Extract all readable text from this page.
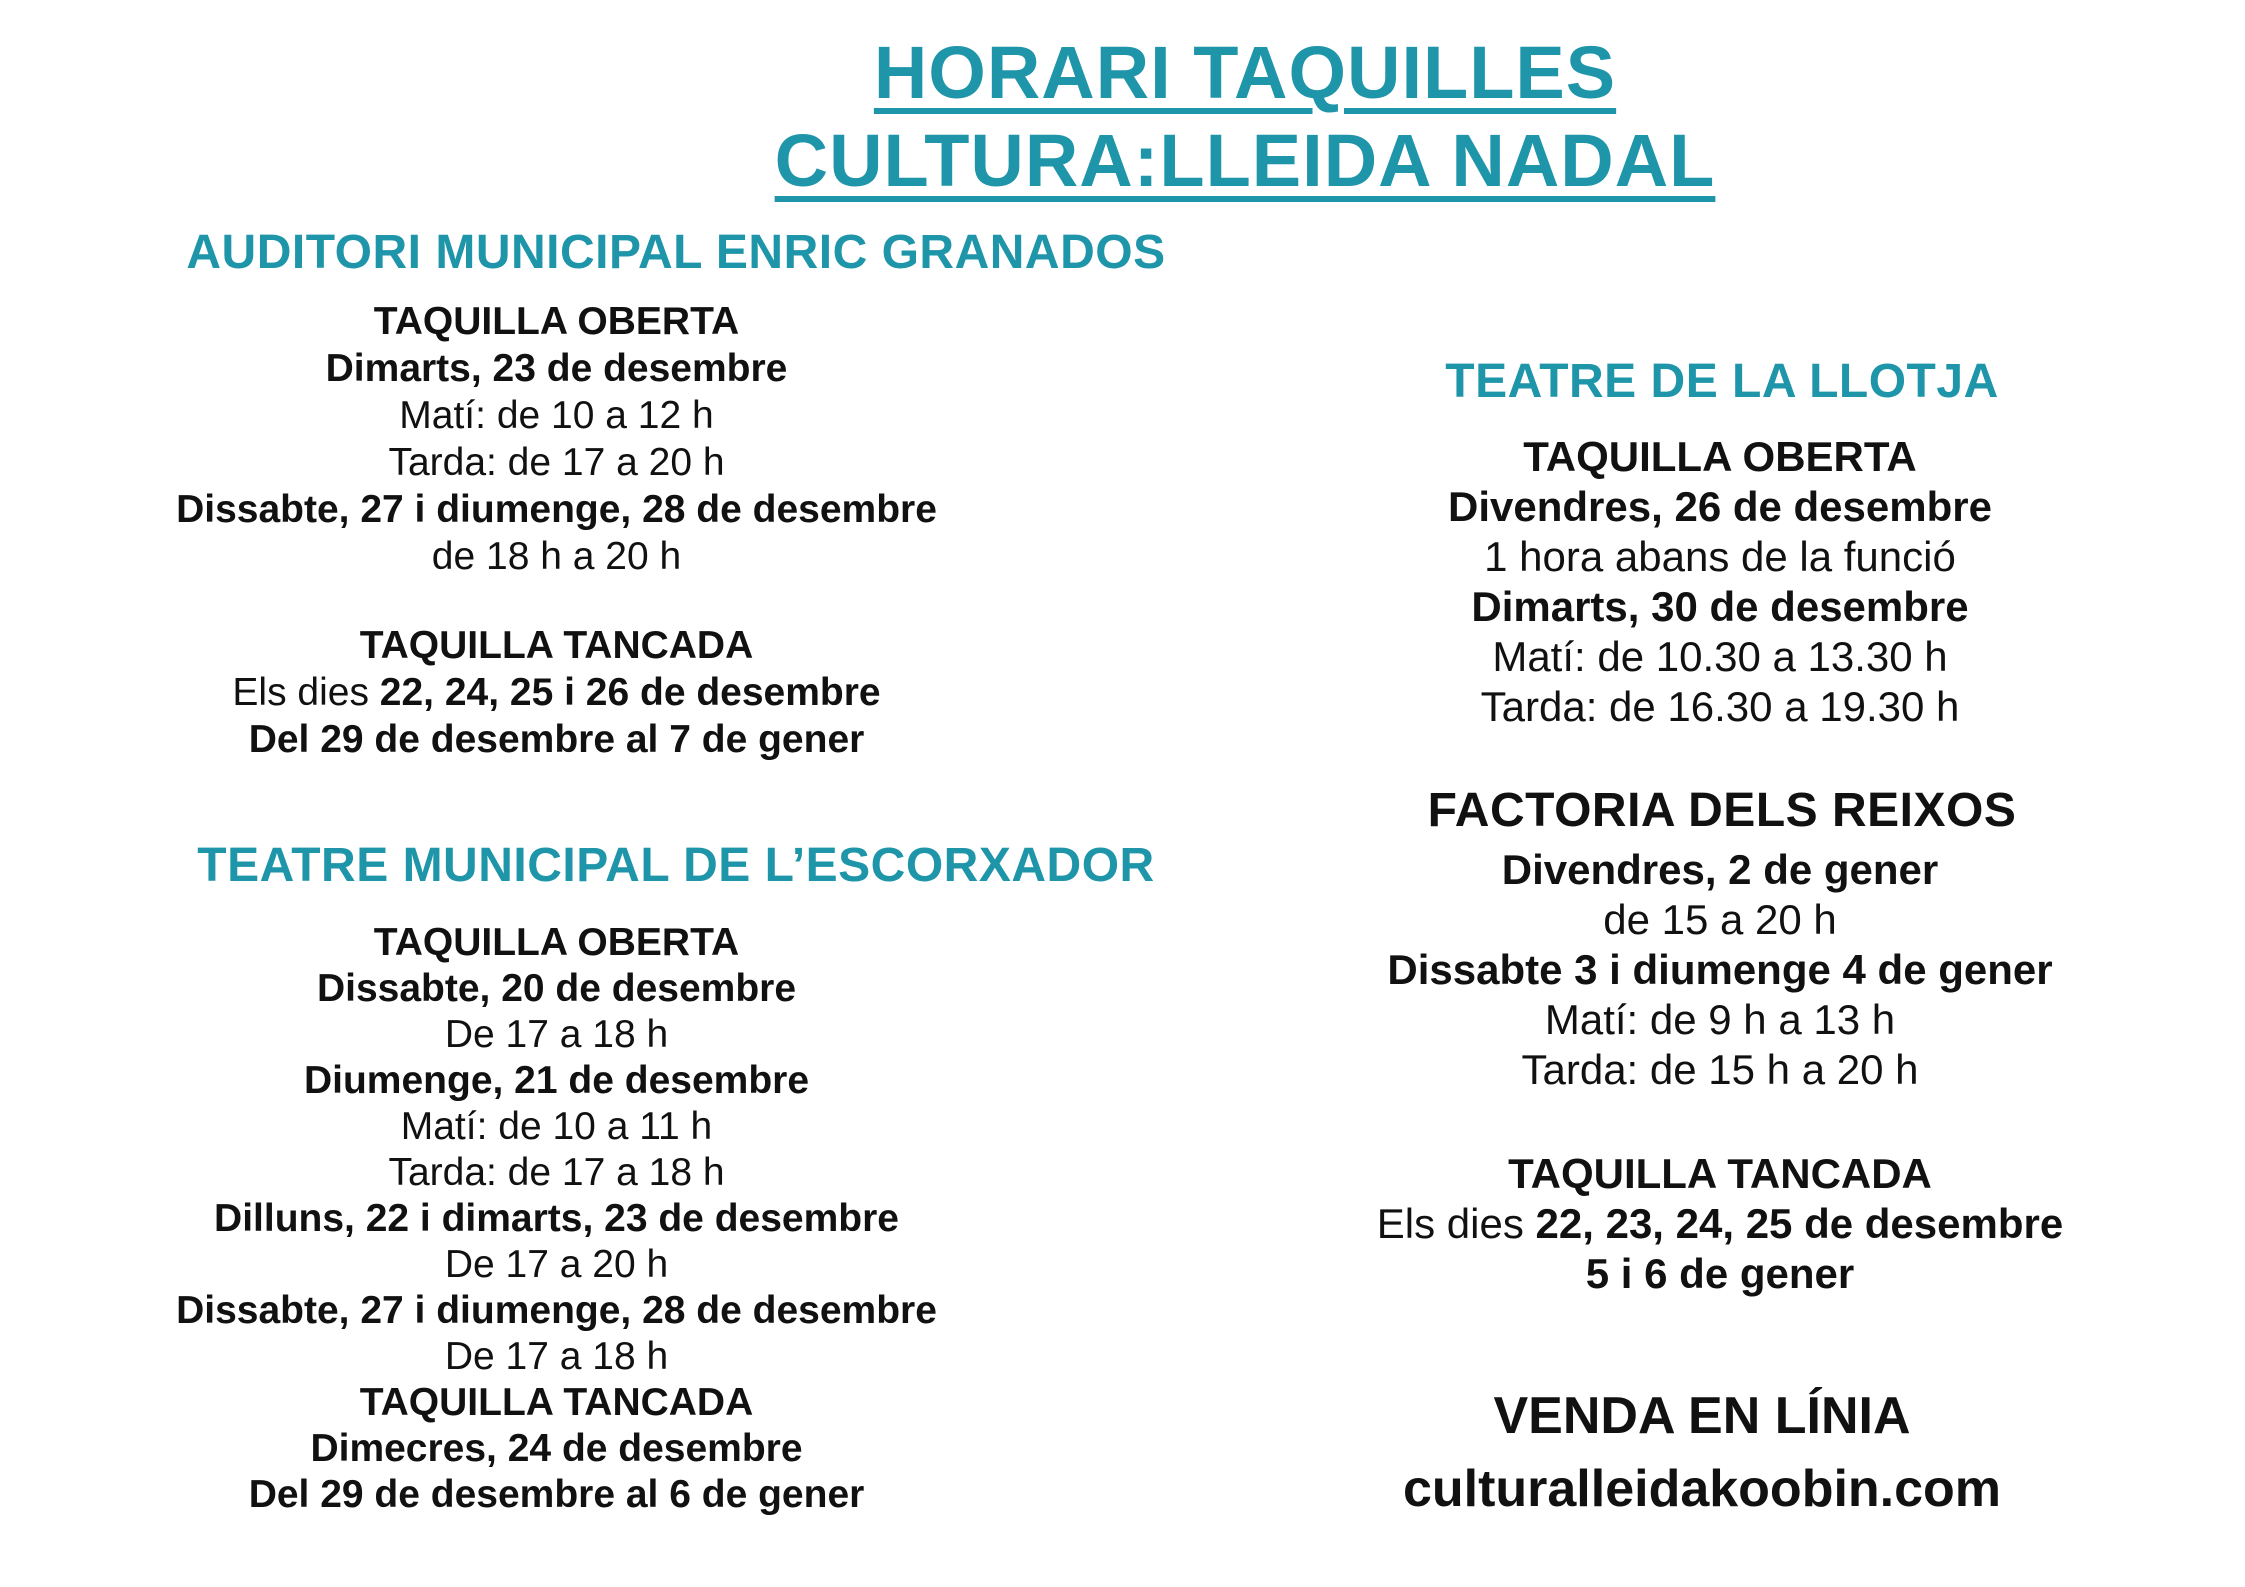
HORARI TAQUILLES
CULTURA:LLEIDA NADAL
AUDITORI MUNICIPAL ENRIC GRANADOS
TAQUILLA OBERTA
Dimarts, 23 de desembre
Matí: de 10 a 12 h
Tarda: de 17 a 20 h
Dissabte, 27 i diumenge, 28 de desembre
de 18 h a 20 h
TAQUILLA TANCADA
Els dies 22, 24, 25 i 26 de desembre
Del 29 de desembre al 7 de gener
TEATRE MUNICIPAL DE L’ESCORXADOR
TAQUILLA OBERTA
Dissabte, 20 de desembre
De 17 a 18 h
Diumenge, 21 de desembre
Matí: de 10 a 11 h
Tarda: de 17 a 18 h
Dilluns, 22 i dimarts, 23 de desembre
De 17 a 20 h
Dissabte, 27 i diumenge, 28 de desembre
De 17 a 18 h
TAQUILLA TANCADA
Dimecres, 24 de desembre
Del 29 de desembre al 6 de gener
TEATRE DE LA LLOTJA
TAQUILLA OBERTA
Divendres, 26 de desembre
1 hora abans de la funció
Dimarts, 30 de desembre
Matí: de 10.30 a 13.30 h
Tarda: de 16.30 a 19.30 h
FACTORIA DELS REIXOS
Divendres, 2 de gener
de 15 a 20 h
Dissabte 3 i diumenge 4 de gener
Matí: de 9 h a 13 h
Tarda: de 15 h a 20 h
TAQUILLA TANCADA
Els dies 22, 23, 24, 25 de desembre
5 i 6 de gener
VENDA EN LÍNIA
culturalleidakoobin.com
